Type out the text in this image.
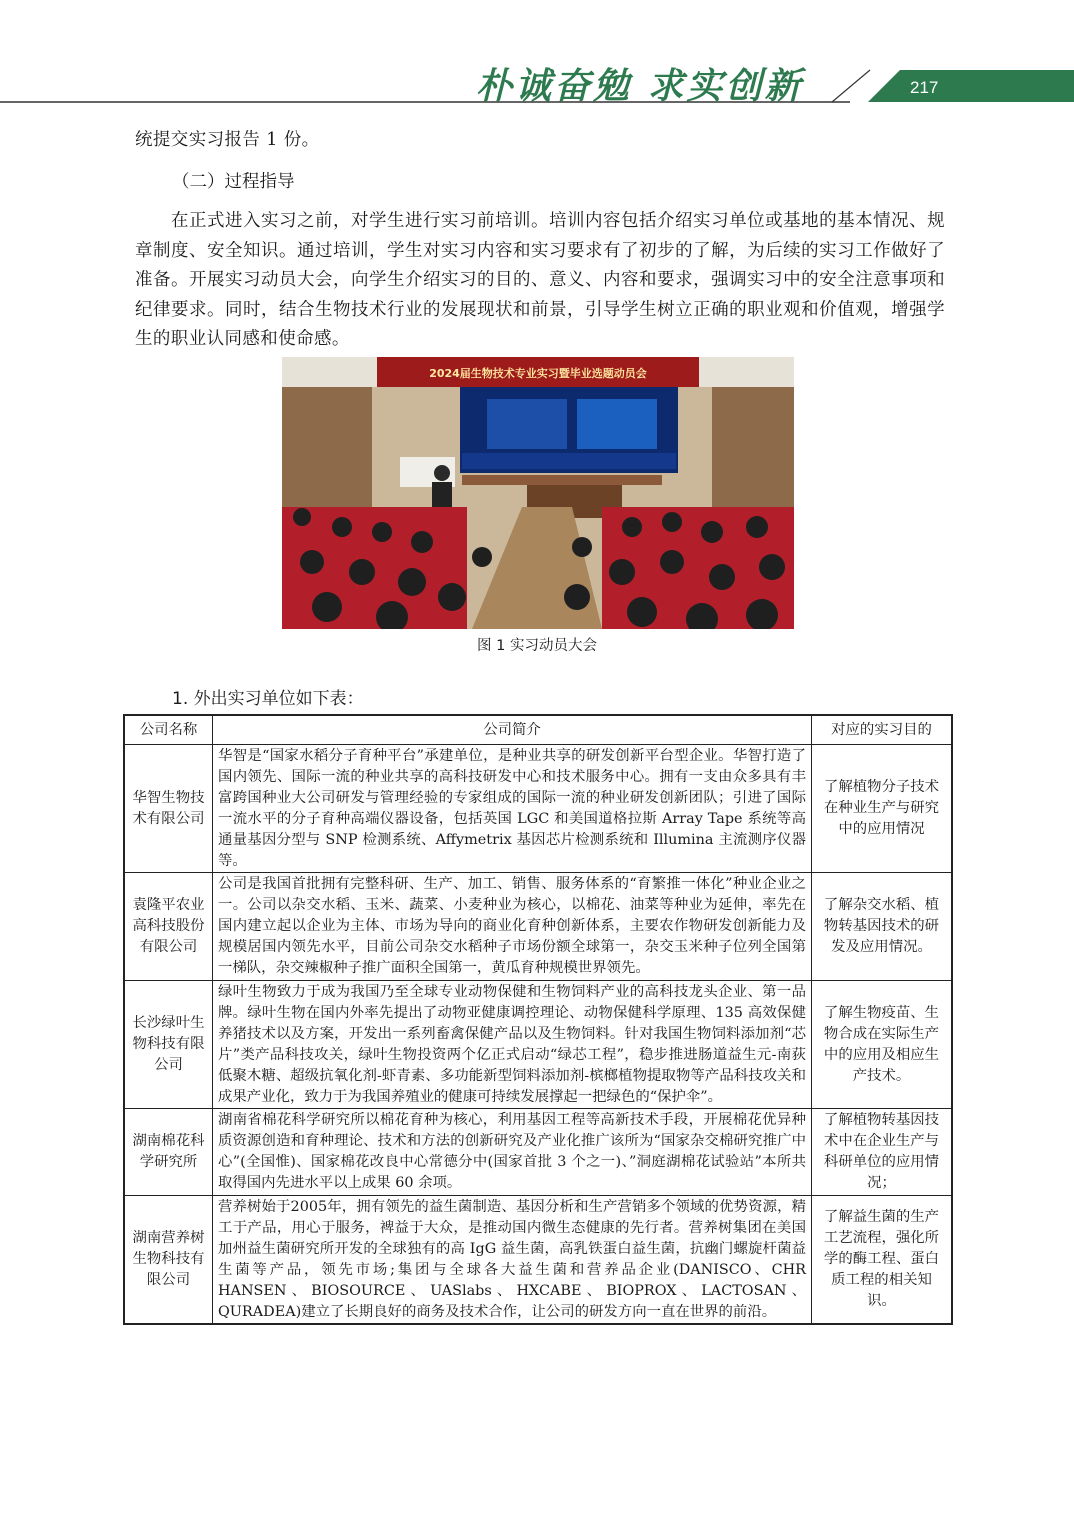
朴诚奋勉 求实创新	217
统提交实习报告 1 份。
（二）过程指导
在正式进入实习之前，对学生进行实习前培训。培训内容包括介绍实习单位或基地的基本情况、规章制度、安全知识。通过培训，学生对实习内容和实习要求有了初步的了解，为后续的实习工作做好了准备。开展实习动员大会，向学生介绍实习的目的、意义、内容和要求，强调实习中的安全注意事项和纪律要求。同时，结合生物技术行业的发展现状和前景，引导学生树立正确的职业观和价值观，增强学生的职业认同感和使命感。
2024届生物技术专业实习暨毕业选题动员会
图 1 实习动员大会
1. 外出实习单位如下表：
公司名称	公司简介	对应的实习目的
华智生物技术有限公司	华智是“国家水稻分子育种平台”承建单位，是种业共享的研发创新平台型企业。华智打造了国内领先、国际一流的种业共享的高科技研发中心和技术服务中心。拥有一支由众多具有丰富跨国种业大公司研发与管理经验的专家组成的国际一流的种业研发创新团队；引进了国际一流水平的分子育种高端仪器设备，包括英国 LGC 和美国道格拉斯 Array Tape 系统等高通量基因分型与 SNP 检测系统、Affymetrix 基因芯片检测系统和 Illumina 主流测序仪器等。	了解植物分子技术在种业生产与研究中的应用情况
袁隆平农业高科技股份有限公司	公司是我国首批拥有完整科研、生产、加工、销售、服务体系的“育繁推一体化”种业企业之一。公司以杂交水稻、玉米、蔬菜、小麦种业为核心，以棉花、油菜等种业为延伸，率先在国内建立起以企业为主体、市场为导向的商业化育种创新体系，主要农作物研发创新能力及规模居国内领先水平，目前公司杂交水稻种子市场份额全球第一，杂交玉米种子位列全国第一梯队，杂交辣椒种子推广面积全国第一，黄瓜育种规模世界领先。	了解杂交水稻、植物转基因技术的研发及应用情况。
长沙绿叶生物科技有限公司	绿叶生物致力于成为我国乃至全球专业动物保健和生物饲料产业的高科技龙头企业、第一品牌。绿叶生物在国内外率先提出了动物亚健康调控理论、动物保健科学原理、135 高效保健养猪技术以及方案，开发出一系列畜禽保健产品以及生物饲料。针对我国生物饲料添加剂“芯片”类产品科技攻关，绿叶生物投资两个亿正式启动“绿芯工程”，稳步推进肠道益生元-南荻低聚木糖、超级抗氧化剂-虾青素、多功能新型饲料添加剂-槟榔植物提取物等产品科技攻关和成果产业化，致力于为我国养殖业的健康可持续发展撑起一把绿色的“保护伞”。	了解生物疫苗、生物合成在实际生产中的应用及相应生产技术。
湖南棉花科学研究所	湖南省棉花科学研究所以棉花育种为核心，利用基因工程等高新技术手段，开展棉花优异种质资源创造和育种理论、技术和方法的创新研究及产业化推广该所为“国家杂交棉研究推广中心”(全国惟)、国家棉花改良中心常德分中(国家首批 3 个之一)、”洞庭湖棉花试验站”本所共取得国内先进水平以上成果 60 余项。	了解植物转基因技术中在企业生产与科研单位的应用情况；
湖南营养树生物科技有限公司	营养树始于2005年，拥有领先的益生菌制造、基因分析和生产营销多个领域的优势资源，精工于产品，用心于服务，裨益于大众，是推动国内微生态健康的先行者。营养树集团在美国加州益生菌研究所开发的全球独有的高 IgG 益生菌，高乳铁蛋白益生菌，抗幽门螺旋杆菌益生菌等产品，领先市场;集团与全球各大益生菌和营养品企业(DANISCO、CHR HANSEN、BIOSOURCE、UASlabs、HXCABE、BIOPROX、LACTOSAN、QURADEA)建立了长期良好的商务及技术合作，让公司的研发方向一直在世界的前沿。	了解益生菌的生产工艺流程，强化所学的酶工程、蛋白质工程的相关知识。
